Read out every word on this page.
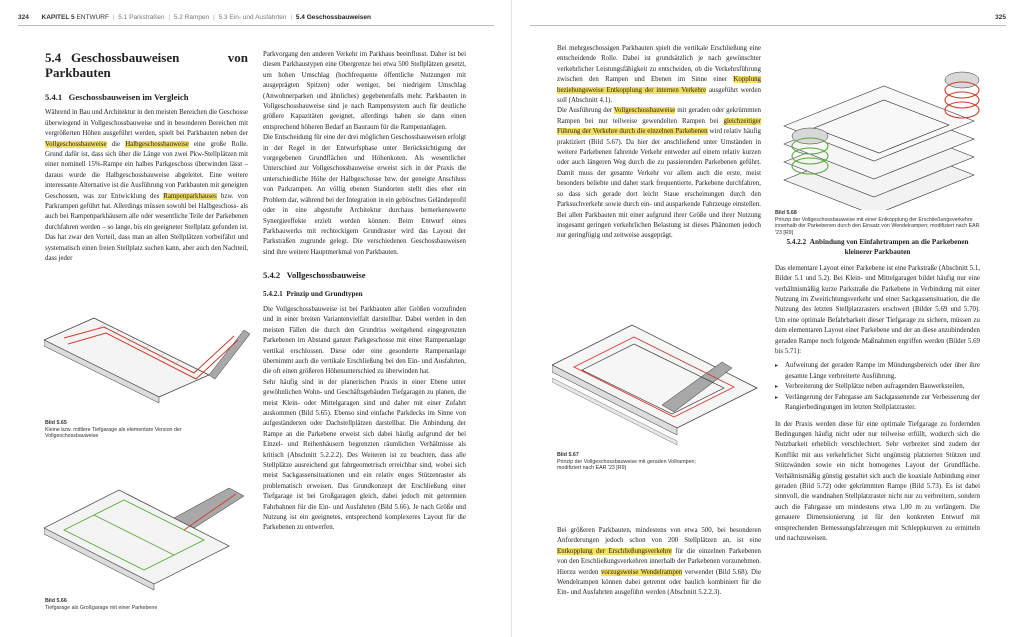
324 KAPITEL 5 ENTWURF | 5.1 Parkstraßen | 5.2 Rampen | 5.3 Ein- und Ausfahrten | 5.4 Geschossbauweisen
5.4 Geschossbauweisen von Parkbauten
5.4.1 Geschossbauweisen im Vergleich

Während in Bau und Architektur in den meisten Bereichen die Geschosse überwiegend in Vollgeschossbauweise und in besonderen Bereichen mit vergrößerten Höhen ausgeführt werden, spielt bei Parkbauten neben der Vollgeschossbauweise die Halbgeschossbauweise eine große Rolle. Grund dafür ist, dass sich über die Länge von zwei Pkw-Stellplätzen mit einer nominell 15%-Rampe ein halbes Parkgeschoss überwinden lässt – daraus wurde die Halbgeschossbauweise abgeleitet. Eine weitere interessante Alternative ist die Ausführung von Parkbauten mit geneigten Geschossen, was zur Entwicklung des Rampenparkhauses bzw. von Parkrampen geführt hat. Allerdings müssen sowohl bei Halbgeschoss- als auch bei Rampenparkhäusern alle oder wesentliche Teile der Parkebenen durchfahren werden – so lange, bis ein geeigneter Stellplatz gefunden ist. Das hat zwar den Vorteil, dass man an allen Stellplätzen vorbeifährt und systematisch einen freien Stellplatz suchen kann, aber auch den Nachteil, dass jeder

Bild 5.65
Kleine bzw. mittlere Tiefgarage als elementare Version der Vollgeschossbauweise
Bild 5.66
Tiefgarage als Großgarage mit einer Parkebene

Parkvorgang den anderen Verkehr im Parkhaus beeinflusst. Daher ist bei diesen Parkhaustypen eine Obergrenze bei etwa 500 Stellplätzen gesetzt, um hohen Umschlag (hochfrequente öffentliche Nutzungen mit ausgeprägten Spitzen) oder weniger, bei niedrigem Umschlag (Anwohnerparken und ähnliches) gegebenenfalls mehr. Parkbauten in Vollgeschossbauweise sind je nach Rampensystem auch für deutliche größere Kapazitäten geeignet, allerdings haben sie dann einen entsprechend höheren Bedarf an Bauraum für die Rampenanlagen.

Die Entscheidung für eine der drei möglichen Geschossbauweisen erfolgt in der Regel in der Entwurfsphase unter Berücksichtigung der vorgegebenen Grundflächen und Höhenkoten. Als wesentlicher Unterschied zur Vollgeschossbauweise erweist sich in der Praxis die unterschiedliche Höhe der Halbgeschosse bzw. der geneigte Anschluss von Parkrampen. An völlig ebenen Standorten stellt dies eher ein Problem dar, während bei der Integration in ein geböschtes Geländeprofil oder in eine abgestufte Architektur durchaus bemerkenswerte Synergieeffekte erzielt werden können. Beim Entwurf eines Parkbauwerks mit rechteckigem Grundraster wird das Layout der Parkstraßen zugrunde gelegt. Die verschiedenen Geschossbauweisen sind ihre weitere Hauptmerkmal von Parkbauten.

5.4.2 Vollgeschossbauweise
5.4.2.1 Prinzip und Grundtypen

Die Vollgeschossbauweise ist bei Parkbauten aller Größen vorzufinden und in einer breiten Variantenvielfalt darstellbar. Dabei werden in den meisten Fällen die durch den Grundriss weitgehend eingegrenzten Parkebenen im Abstand ganzer Parkgeschosse mit einer Rampenanlage vertikal erschlossen. Diese oder eine gesonderte Rampenanlage übernimmt auch die vertikale Erschließung bei den Ein- und Ausfahrten, die oft einen größeren Höhenunterschied zu überwinden hat.

Sehr häufig sind in der planerischen Praxis in einer Ebene unter gewöhnlichen Wohn- und Geschäftsgebäuden Tiefgaragen zu planen, die meist Klein- oder Mittelgaragen sind und daher mit einer Zufahrt auskommen (Bild 5.65). Ebenso sind einfache Parkdecks im Sinne von aufgeständerten oder Dachstellplätzen darstellbar. Die Anbindung der Rampe an die Parkebene erweist sich dabei häufig aufgrund der bei Einzel- und Reihenhäusern begrenzten räumlichen Verhältnisse als kritisch (Abschnitt 5.2.2.2). Des Weiteren ist zu beachten, dass alle Stellplätze ausreichend gut fahrgeometrisch erreichbar sind, wobei sich meist Sackgassensituationen und ein relativ enges Stützenraster als problematisch erweisen. Das Grundkonzept der Erschließung einer Tiefgarage ist bei Großgaragen gleich, dabei jedoch mit getrennten Fahrbahnen für die Ein- und Ausfahrten (Bild 5.66). Je nach Größe und Nutzung ist ein geeignetes, entsprechend komplexeres Layout für die Parkebenen zu entwerfen.

325

Bei mehrgeschossigen Parkbauten spielt die vertikale Erschließung eine entscheidende Rolle. Dabei ist grundsätzlich je nach gewünschter verkehrlicher Leistungsfähigkeit zu entscheiden, ob die Verkehrsführung zwischen den Rampen und Ebenen im Sinne einer Kopplung beziehungsweise Entkopplung der internen Verkehre ausgeführt werden soll (Abschnitt 4.1).

Die Ausführung der Vollgeschossbauweise mit geraden oder gekrümmten Rampen bei nur teilweise gewendelten Rampen bei gleichzeitiger Führung der Verkehre durch die einzelnen Parkebenen wird relativ häufig praktiziert (Bild 5.67). Da hier der anschließend unter Umständen in weitere Parkebenen fahrende Verkehr entweder auf einem relativ kurzen oder auch längeren Weg durch die zu passierenden Parkebenen geführt. Damit muss der gesamte Verkehr vor allem auch die erste, meist besonders beliebte und daher stark frequentierte, Parkebene durchfahren, so dass sich gerade dort leicht Staue erscheinungen durch den Parksuchverkehr sowie durch ein- und ausparkende Fahrzeuge einstellen. Bei allen Parkbauten mit einer aufgrund ihrer Größe und ihrer Nutzung insgesamt geringen verkehrlichen Belastung ist dieses Phänomen jedoch nur geringfügig und zeitweise ausgeprägt.

Bild 5.67
Prinzip der Vollgeschossbauweise mit geraden Vollrampen; modifiziert nach EAR '23 [R9]

Bei größeren Parkbauten, mindestens von etwa 500, bei besonderen Anforderungen jedoch schon von 200 Stellplätzen an, ist eine Entkopplung der Erschließungsverkehre für die einzelnen Parkebenen von den Erschließungsverkehren innerhalb der Parkebenen vorzunehmen. Hierzu werden vorzugsweise Wendelrampen verwendet (Bild 5.68). Die Wendelrampen können dabei getrennt oder baulich kombiniert für die Ein- und Ausfahrten ausgeführt werden (Abschnitt 5.2.2.3).

Bild 5.68
Prinzip der Vollgeschossbauweise mit einer Entkopplung der Erschließungsverkehre innerhalb der Parkebenen durch den Einsatz von Wendelrampen; modifiziert nach EAR '23 [R9]
5.4.2.2 Anbindung von Einfahrtrampen an die Parkebenen kleinerer Parkbauten

Das elementare Layout einer Parkebene ist eine Parkstraße (Abschnitt 5.1, Bilder 5.1 und 5.2). Bei Klein- und Mittelgaragen bildet häufig nur eine verhältnismäßig kurze Parkstraße die Parkebene in Verbindung mit einer Nutzung im Zweirichtungsverkehr und einer Sackgassensituation, die die Nutzung des letzten Stellplatzrasters erschwert (Bilder 5.69 und 5.70). Um eine optimale Befahrbarkeit dieser Tiefgarage zu sichern, müssen zu dem elementaren Layout einer Parkebene und der an diese anzubindenden geraden Rampe noch folgende Maßnahmen ergriffen werden (Bilder 5.69 bis 5.71):

▸ Aufweitung der geraden Rampe im Mündungsbereich oder über ihre gesamte Länge verbreiterte Ausführung,
▸ Verbreiterung der Stellplätze neben aufragenden Bauwerksteilen,
▸ Verlängerung der Fahrgasse am Sackgassenende zur Verbesserung der Rangierbedingungen im letzten Stellplatzraster.

In der Praxis werden diese für eine optimale Tiefgarage zu fordernden Bedingungen häufig nicht oder nur teilweise erfüllt, wodurch sich die Nutzbarkeit erheblich verschlechtert. Sehr verbreitet sind zudem der Konflikt mit aus verkehrlicher Sicht ungünstig platzierten Stützen und Stützwänden sowie ein nicht homogenes Layout der Grundfläche. Verhältnismäßig günstig gestaltet sich auch die koaxiale Anbindung einer geraden (Bild 5.72) oder gekrümmten Rampe (Bild 5.73). Es ist dabei sinnvoll, die wandnahen Stellplatzraster nicht nur zu verbreitern, sondern auch die Fahrgasse um mindestens etwa 1,00 m zu verlängern. Die genauere Dimensionierung ist für den konkreten Entwurf mit entsprechenden Bemessungsfahrzeugen mit Schleppkurven zu ermitteln und nachzuweisen.
